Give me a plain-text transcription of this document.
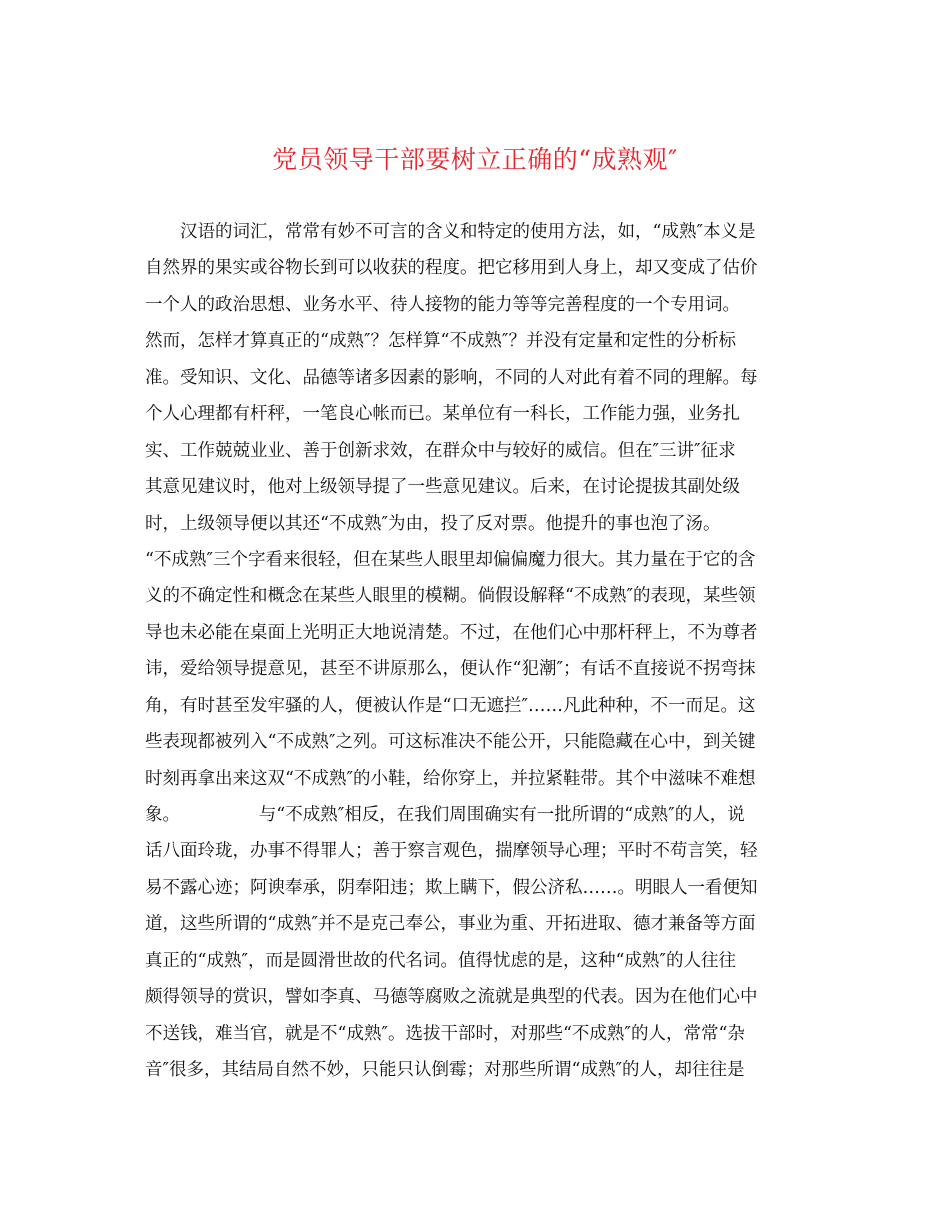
党员领导干部要树立正确的“成熟观″
　　汉语的词汇，常常有妙不可言的含义和特定的使用方法，如，“成熟″本义是
自然界的果实或谷物长到可以收获的程度。把它移用到人身上，却又变成了估价
一个人的政治思想、业务水平、待人接物的能力等等完善程度的一个专用词。
然而，怎样才算真正的“成熟″？怎样算“不成熟″？并没有定量和定性的分析标
准。受知识、文化、品德等诸多因素的影响，不同的人对此有着不同的理解。每
个人心理都有杆秤，一笔良心帐而已。某单位有一科长，工作能力强，业务扎
实、工作兢兢业业、善于创新求效，在群众中与较好的威信。但在″三讲″征求
其意见建议时，他对上级领导提了一些意见建议。后来，在讨论提拔其副处级
时，上级领导便以其还“不成熟″为由，投了反对票。他提升的事也泡了汤。
“不成熟″三个字看来很轻，但在某些人眼里却偏偏魔力很大。其力量在于它的含
义的不确定性和概念在某些人眼里的模糊。倘假设解释“不成熟″的表现，某些领
导也未必能在桌面上光明正大地说清楚。不过，在他们心中那杆秤上，不为尊者
讳，爱给领导提意见，甚至不讲原那么，便认作“犯潮″；有话不直接说不拐弯抹
角，有时甚至发牢骚的人，便被认作是“口无遮拦″……凡此种种，不一而足。这
些表现都被列入“不成熟″之列。可这标准决不能公开，只能隐藏在心中，到关键
时刻再拿出来这双“不成熟″的小鞋，给你穿上，并拉紧鞋带。其个中滋味不难想
象。　　　　　与“不成熟″相反，在我们周围确实有一批所谓的“成熟″的人，说
话八面玲珑，办事不得罪人；善于察言观色，揣摩领导心理；平时不苟言笑，轻
易不露心迹；阿谀奉承，阴奉阳违；欺上瞒下，假公济私……。明眼人一看便知
道，这些所谓的“成熟″并不是克己奉公，事业为重、开拓进取、德才兼备等方面
真正的“成熟″，而是圆滑世故的代名词。值得忧虑的是，这种“成熟″的人往往
颇得领导的赏识，譬如李真、马德等腐败之流就是典型的代表。因为在他们心中
不送钱，难当官，就是不“成熟″。选拔干部时，对那些“不成熟″的人，常常“杂
音″很多，其结局自然不妙，只能只认倒霉；对那些所谓“成熟″的人，却往往是
